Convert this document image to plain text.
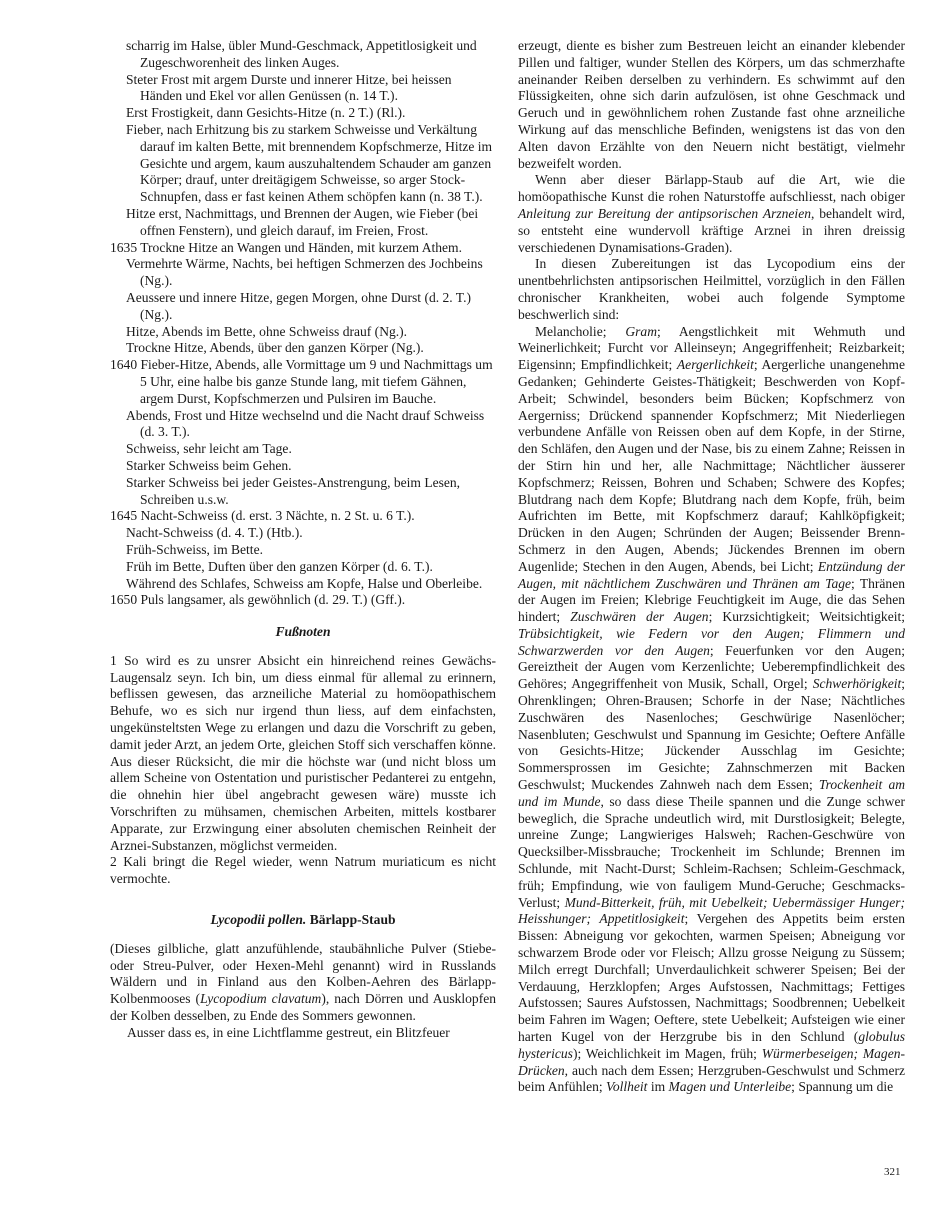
scharrig im Halse, übler Mund-Geschmack, Appetitlosigkeit und Zugeschworenheit des linken Auges.
Steter Frost mit argem Durste und innerer Hitze, bei heissen Händen und Ekel vor allen Genüssen (n. 14 T.).
Erst Frostigkeit, dann Gesichts-Hitze (n. 2 T.) (Rl.).
Fieber, nach Erhitzung bis zu starkem Schweisse und Verkältung darauf im kalten Bette, mit brennendem Kopfschmerze, Hitze im Gesichte und argem, kaum auszuhaltendem Schauder am ganzen Körper; drauf, unter dreitägigem Schweisse, so arger Stock-Schnupfen, dass er fast keinen Athem schöpfen kann (n. 38 T.).
Hitze erst, Nachmittags, und Brennen der Augen, wie Fieber (bei offnen Fenstern), und gleich darauf, im Freien, Frost.
1635 Trockne Hitze an Wangen und Händen, mit kurzem Athem.
Vermehrte Wärme, Nachts, bei heftigen Schmerzen des Jochbeins (Ng.).
Aeussere und innere Hitze, gegen Morgen, ohne Durst (d. 2. T.) (Ng.).
Hitze, Abends im Bette, ohne Schweiss drauf (Ng.).
Trockne Hitze, Abends, über den ganzen Körper (Ng.).
1640 Fieber-Hitze, Abends, alle Vormittage um 9 und Nachmittags um 5 Uhr, eine halbe bis ganze Stunde lang, mit tiefem Gähnen, argem Durst, Kopfschmerzen und Pulsiren im Bauche.
Abends, Frost und Hitze wechselnd und die Nacht drauf Schweiss (d. 3. T.).
Schweiss, sehr leicht am Tage.
Starker Schweiss beim Gehen.
Starker Schweiss bei jeder Geistes-Anstrengung, beim Lesen, Schreiben u.s.w.
1645 Nacht-Schweiss (d. erst. 3 Nächte, n. 2 St. u. 6 T.).
Nacht-Schweiss (d. 4. T.) (Htb.).
Früh-Schweiss, im Bette.
Früh im Bette, Duften über den ganzen Körper (d. 6. T.).
Während des Schlafes, Schweiss am Kopfe, Halse und Oberleibe.
1650 Puls langsamer, als gewöhnlich (d. 29. T.) (Gff.).
Fußnoten
1 So wird es zu unsrer Absicht ein hinreichend reines Gewächs-Laugensalz seyn. Ich bin, um diess einmal für allemal zu erinnern, beflissen gewesen, das arzneiliche Material zu homöopathischem Behufe, wo es sich nur irgend thun liess, auf dem einfachsten, ungekünsteltsten Wege zu erlangen und dazu die Vorschrift zu geben, damit jeder Arzt, an jedem Orte, gleichen Stoff sich verschaffen könne. Aus dieser Rücksicht, die mir die höchste war (und nicht bloss um allem Scheine von Ostentation und puristischer Pedanterei zu entgehn, die ohnehin hier übel angebracht gewesen wäre) musste ich Vorschriften zu mühsamen, chemischen Arbeiten, mittels kostbarer Apparate, zur Erzwingung einer absoluten chemischen Reinheit der Arznei-Substanzen, möglichst vermeiden.
2 Kali bringt die Regel wieder, wenn Natrum muriaticum es nicht vermochte.
Lycopodii pollen. Bärlapp-Staub
(Dieses gilbliche, glatt anzufühlende, staubähnliche Pulver (Stiebe- oder Streu-Pulver, oder Hexen-Mehl genannt) wird in Russlands Wäldern und in Finland aus den Kolben-Aehren des Bärlapp-Kolbenmooses (Lycopodium clavatum), nach Dörren und Ausklopfen der Kolben desselben, zu Ende des Sommers gewonnen.
Ausser dass es, in eine Lichtflamme gestreut, ein Blitzfeuer
erzeugt, diente es bisher zum Bestreuen leicht an einander klebender Pillen und faltiger, wunder Stellen des Körpers, um das schmerzhafte aneinander Reiben derselben zu verhindern. Es schwimmt auf den Flüssigkeiten, ohne sich darin aufzulösen, ist ohne Geschmack und Geruch und in gewöhnlichem rohen Zustande fast ohne arzneiliche Wirkung auf das menschliche Befinden, wenigstens ist das von den Alten davon Erzählte von den Neuern nicht bestätigt, vielmehr bezweifelt worden.
Wenn aber dieser Bärlapp-Staub auf die Art, wie die homöopathische Kunst die rohen Naturstoffe aufschliesst, nach obiger Anleitung zur Bereitung der antipsorischen Arzneien, behandelt wird, so entsteht eine wundervoll kräftige Arznei in ihren dreissig verschiedenen Dynamisations-Graden).
In diesen Zubereitungen ist das Lycopodium eins der unentbehrlichsten antipsorischen Heilmittel, vorzüglich in den Fällen chronischer Krankheiten, wobei auch folgende Symptome beschwerlich sind:
Melancholie; Gram; Aengstlichkeit mit Wehmuth und Weinerlichkeit; Furcht vor Alleinseyn; Angegriffenheit; Reizbarkeit; Eigensinn; Empfindlichkeit; Aergerlichkeit; Aergerliche unangenehme Gedanken; Gehinderte Geistes-Thätigkeit; Beschwerden von Kopf-Arbeit; Schwindel, besonders beim Bücken; Kopfschmerz von Aergerniss; Drückend spannender Kopfschmerz; Mit Niederliegen verbundene Anfälle von Reissen oben auf dem Kopfe, in der Stirne, den Schläfen, den Augen und der Nase, bis zu einem Zahne; Reissen in der Stirn hin und her, alle Nachmittage; Nächtlicher äusserer Kopfschmerz; Reissen, Bohren und Schaben; Schwere des Kopfes; Blutdrang nach dem Kopfe; Blutdrang nach dem Kopfe, früh, beim Aufrichten im Bette, mit Kopfschmerz darauf; Kahlköpfigkeit; Drücken in den Augen; Schründen der Augen; Beissender Brenn-Schmerz in den Augen, Abends; Jückendes Brennen im obern Augenlide; Stechen in den Augen, Abends, bei Licht; Entzündung der Augen, mit nächtlichem Zuschwären und Thränen am Tage; Thränen der Augen im Freien; Klebrige Feuchtigkeit im Auge, die das Sehen hindert; Zuschwären der Augen; Kurzsichtigkeit; Weitsichtigkeit; Trübsichtigkeit, wie Federn vor den Augen; Flimmern und Schwarzwerden vor den Augen; Feuerfunken vor den Augen; Gereiztheit der Augen vom Kerzenlichte; Ueberempfindlichkeit des Gehöres; Angegriffenheit von Musik, Schall, Orgel; Schwerhörigkeit; Ohrenklingen; Ohren-Brausen; Schorfe in der Nase; Nächtliches Zuschwären des Nasenloches; Geschwürige Nasenlöcher; Nasenbluten; Geschwulst und Spannung im Gesichte; Oeftere Anfälle von Gesichts-Hitze; Jückender Ausschlag im Gesichte; Sommersprossen im Gesichte; Zahnschmerzen mit Backen Geschwulst; Muckendes Zahnweh nach dem Essen; Trockenheit am und im Munde, so dass diese Theile spannen und die Zunge schwer beweglich, die Sprache undeutlich wird, mit Durstlosigkeit; Belegte, unreine Zunge; Langwieriges Halsweh; Rachen-Geschwüre von Quecksilber-Missbrauche; Trockenheit im Schlunde; Brennen im Schlunde, mit Nacht-Durst; Schleim-Rachsen; Schleim-Geschmack, früh; Empfindung, wie von fauligem Mund-Geruche; Geschmacks-Verlust; Mund-Bitterkeit, früh, mit Uebelkeit; Uebermässiger Hunger; Heisshunger; Appetitlosigkeit; Vergehen des Appetits beim ersten Bissen: Abneigung vor gekochten, warmen Speisen; Abneigung vor schwarzem Brode oder vor Fleisch; Allzu grosse Neigung zu Süssem; Milch erregt Durchfall; Unverdaulichkeit schwerer Speisen; Bei der Verdauung, Herzklopfen; Arges Aufstossen, Nachmittags; Fettiges Aufstossen; Saures Aufstossen, Nachmittags; Soodbrennen; Uebelkeit beim Fahren im Wagen; Oeftere, stete Uebelkeit; Aufsteigen wie einer harten Kugel von der Herzgrube bis in den Schlund (globulus hystericus); Weichlichkeit im Magen, früh; Würmerbeseigen; Magen-Drücken, auch nach dem Essen; Herzgruben-Geschwulst und Schmerz beim Anfühlen; Vollheit im Magen und Unterleibe; Spannung um die
321
